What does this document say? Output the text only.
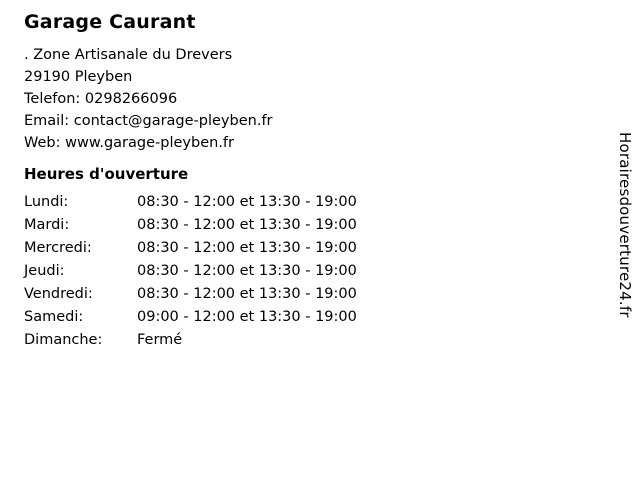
Garage Caurant
. Zone Artisanale du Drevers
29190 Pleyben
Telefon: 0298266096
Email: contact@garage-pleyben.fr
Web: www.garage-pleyben.fr
Heures d'ouverture
Lundi:	08:30 - 12:00 et 13:30 - 19:00
Mardi:	08:30 - 12:00 et 13:30 - 19:00
Mercredi:	08:30 - 12:00 et 13:30 - 19:00
Jeudi:	08:30 - 12:00 et 13:30 - 19:00
Vendredi:	08:30 - 12:00 et 13:30 - 19:00
Samedi:	09:00 - 12:00 et 13:30 - 19:00
Dimanche:	Fermé
Horairesdouverture24.fr
